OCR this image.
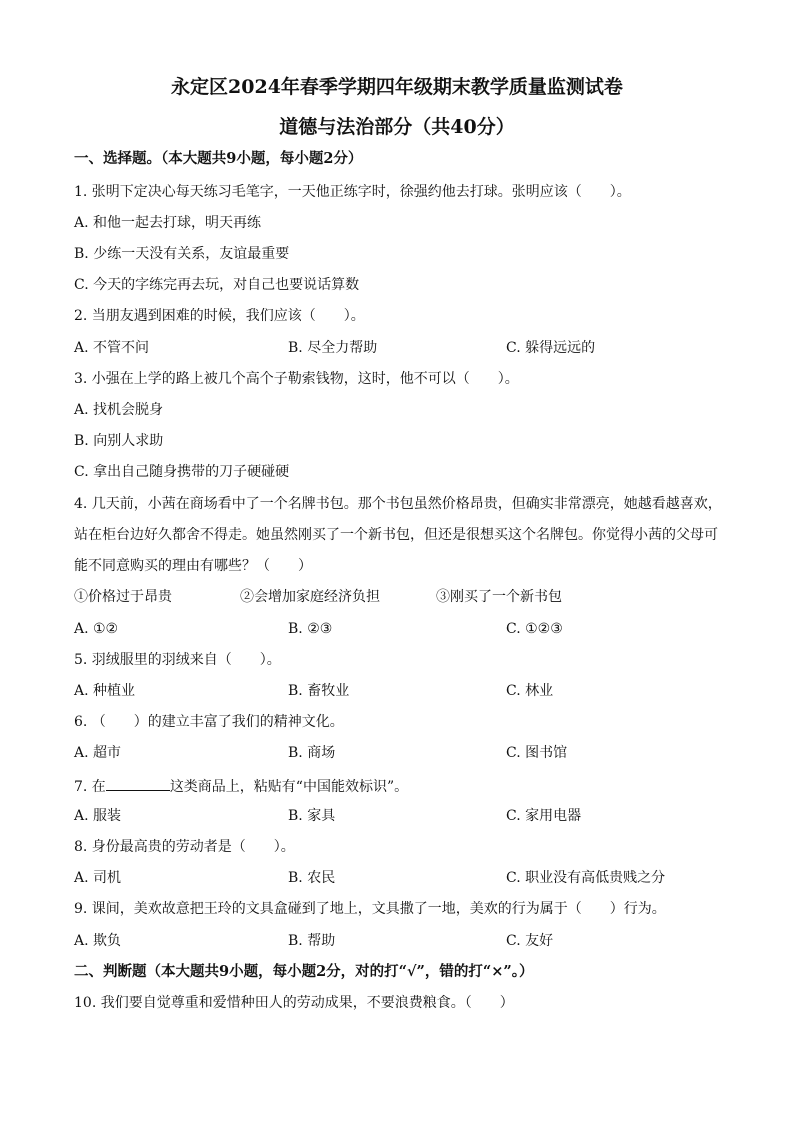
永定区2024年春季学期四年级期末教学质量监测试卷
道德与法治部分（共40分）
一、选择题。（本大题共9小题，每小题2分）
1. 张明下定决心每天练习毛笔字，一天他正练字时，徐强约他去打球。张明应该（　　）。
A. 和他一起去打球，明天再练
B. 少练一天没有关系，友谊最重要
C. 今天的字练完再去玩，对自己也要说话算数
2. 当朋友遇到困难的时候，我们应该（　　）。
A. 不管不问	B. 尽全力帮助	C. 躲得远远的
3. 小强在上学的路上被几个高个子勒索钱物，这时，他不可以（　　）。
A. 找机会脱身
B. 向别人求助
C. 拿出自己随身携带的刀子硬碰硬
4. 几天前，小茜在商场看中了一个名牌书包。那个书包虽然价格昂贵，但确实非常漂亮，她越看越喜欢，
站在柜台边好久都舍不得走。她虽然刚买了一个新书包，但还是很想买这个名牌包。你觉得小茜的父母可
能不同意购买的理由有哪些？（　　）
①价格过于昂贵	②会增加家庭经济负担	③刚买了一个新书包
A. ①②	B. ②③	C. ①②③
5. 羽绒服里的羽绒来自（　　）。
A. 种植业	B. 畜牧业	C. 林业
6. （　　）的建立丰富了我们的精神文化。
A. 超市	B. 商场	C. 图书馆
7. 在	这类商品上，粘贴有“中国能效标识”。
A. 服装	B. 家具	C. 家用电器
8. 身份最高贵的劳动者是（　　）。
A. 司机	B. 农民	C. 职业没有高低贵贱之分
9. 课间，美欢故意把王玲的文具盒碰到了地上，文具撒了一地，美欢的行为属于（　　）行为。
A. 欺负	B. 帮助	C. 友好
二、判断题（本大题共9小题，每小题2分，对的打“√”，错的打“×”。）
10. 我们要自觉尊重和爱惜种田人的劳动成果，不要浪费粮食。（　　）
